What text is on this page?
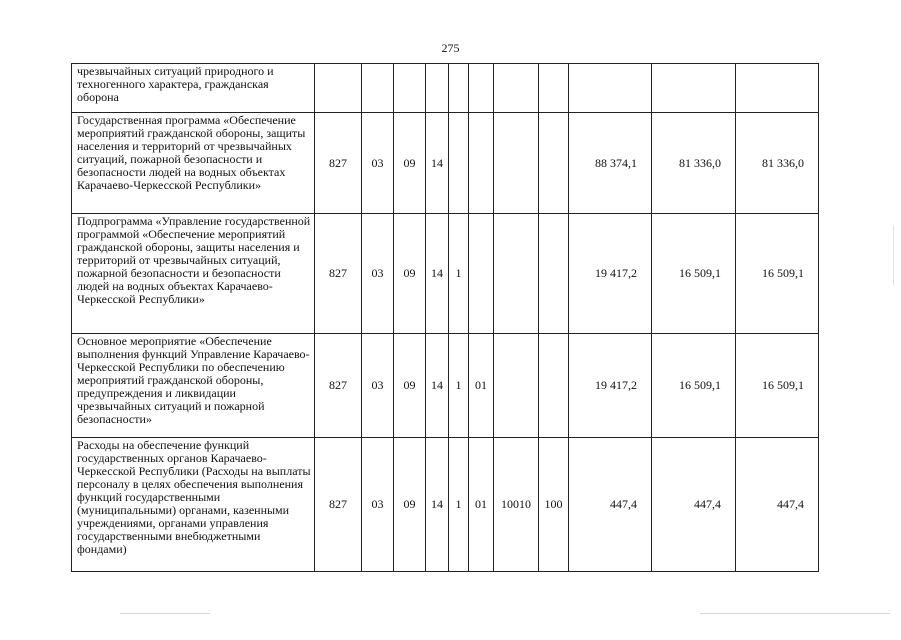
275
чрезвычайных ситуаций природного и техногенного характера, гражданская оборона											
Государственная программа «Обеспечение мероприятий гражданской обороны, защиты населения и территорий от чрезвычайных ситуаций, пожарной безопасности и безопасности людей на водных объектах Карачаево-Черкесской Республики»	827	03	09	14					88 374,1	81 336,0	81 336,0
Подпрограмма «Управление государственной программой «Обеспечение мероприятий гражданской обороны, защиты населения и территорий от чрезвычайных ситуаций, пожарной безопасности и безопасности людей на водных объектах Карачаево-Черкесской Республики»	827	03	09	14	1				19 417,2	16 509,1	16 509,1
Основное мероприятие «Обеспечение выполнения функций Управление Карачаево-Черкесской Республики по обеспечению мероприятий гражданской обороны, предупреждения и ликвидации чрезвычайных ситуаций и пожарной безопасности»	827	03	09	14	1	01			19 417,2	16 509,1	16 509,1
Расходы на обеспечение функций государственных органов Карачаево-Черкесской Республики (Расходы на выплаты персоналу в целях обеспечения выполнения функций государственными (муниципальными) органами, казенными учреждениями, органами управления государственными внебюджетными фондами)	827	03	09	14	1	01	10010	100	447,4	447,4	447,4
